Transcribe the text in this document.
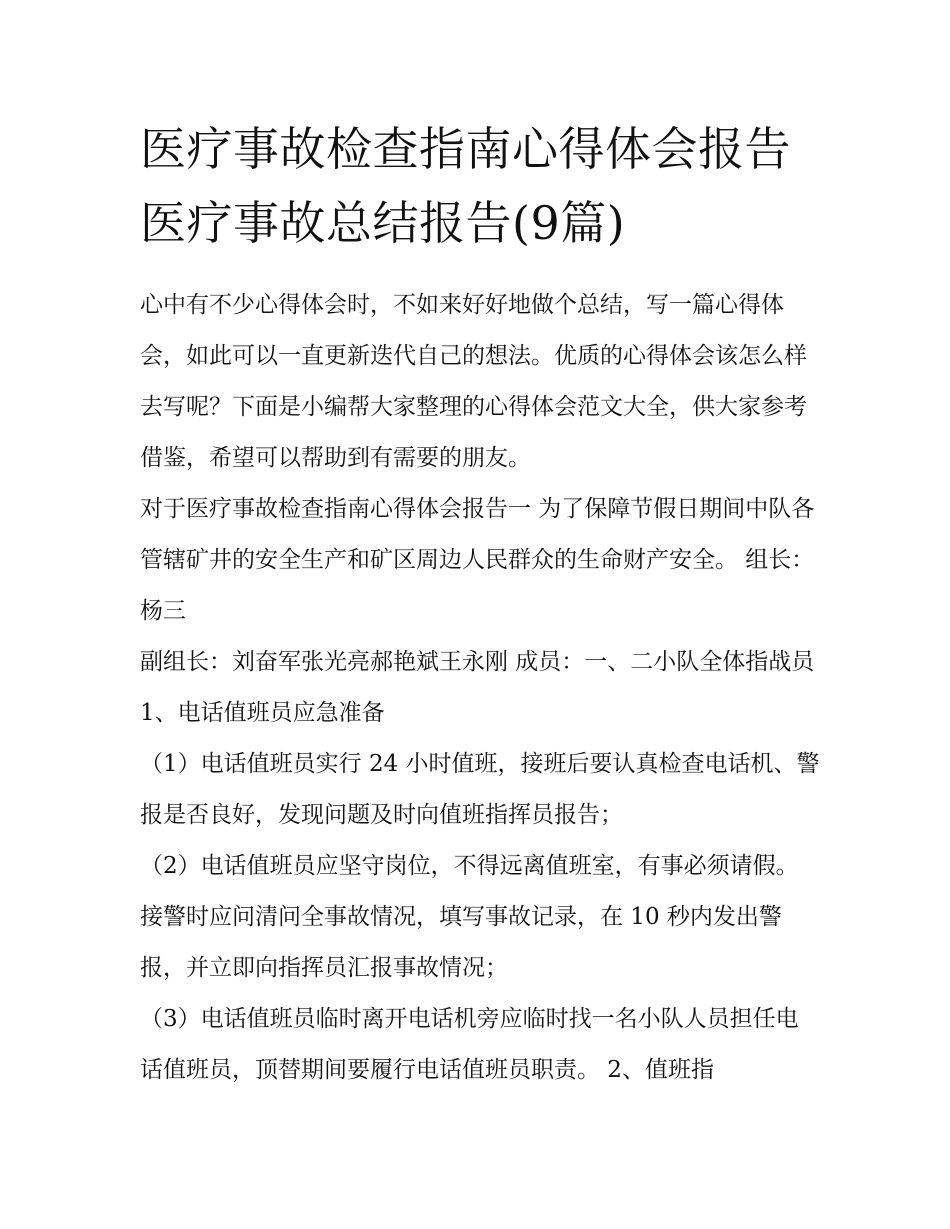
医疗事故检查指南心得体会报告 医疗事故总结报告(9篇)

心中有不少心得体会时，不如来好好地做个总结，写一篇心得体会，如此可以一直更新迭代自己的想法。优质的心得体会该怎么样去写呢？下面是小编帮大家整理的心得体会范文大全，供大家参考借鉴，希望可以帮助到有需要的朋友。

对于医疗事故检查指南心得体会报告一 为了保障节假日期间中队各管辖矿井的安全生产和矿区周边人民群众的生命财产安全。 组长：杨三

副组长：刘奋军张光亮郝艳斌王永刚 成员：一、二小队全体指战员 1、电话值班员应急准备

（1）电话值班员实行 24 小时值班，接班后要认真检查电话机、警报是否良好，发现问题及时向值班指挥员报告；

（2）电话值班员应坚守岗位，不得远离值班室，有事必须请假。接警时应问清问全事故情况，填写事故记录，在 10 秒内发出警报，并立即向指挥员汇报事故情况；

（3）电话值班员临时离开电话机旁应临时找一名小队人员担任电话值班员，顶替期间要履行电话值班员职责。 2、值班指
